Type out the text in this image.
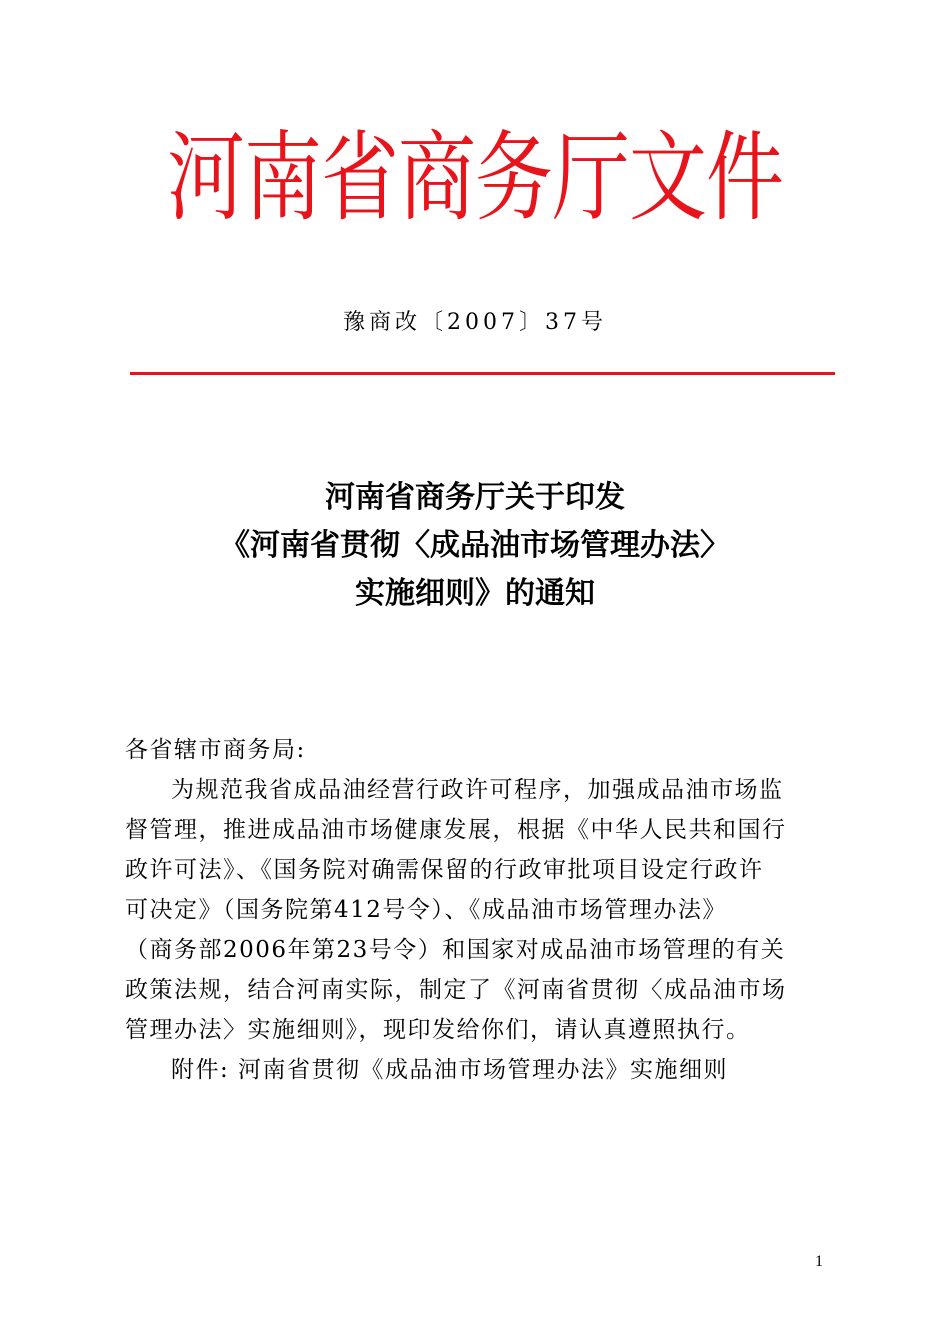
河南省商务厅文件
豫商改〔2007〕37号
河南省商务厅关于印发
《河南省贯彻〈成品油市场管理办法〉
实施细则》的通知
各省辖市商务局:
为规范我省成品油经营行政许可程序，加强成品油市场监
督管理，推进成品油市场健康发展，根据《中华人民共和国行
政许可法》、《国务院对确需保留的行政审批项目设定行政许
可决定》（国务院第412号令）、《成品油市场管理办法》
（商务部2006年第23号令）和国家对成品油市场管理的有关
政策法规，结合河南实际，制定了《河南省贯彻〈成品油市场
管理办法〉实施细则》，现印发给你们，请认真遵照执行。
附件: 河南省贯彻《成品油市场管理办法》实施细则
1
